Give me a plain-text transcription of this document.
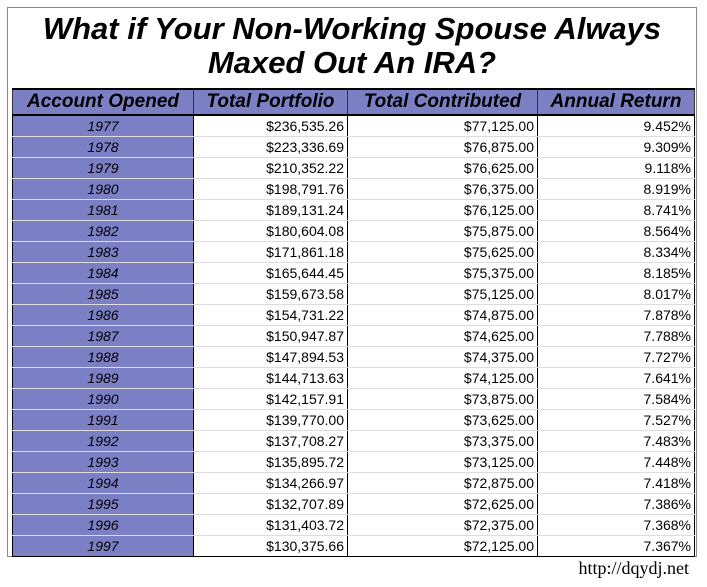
What if Your Non-Working Spouse Always
Maxed Out An IRA?
Account Opened	Total Portfolio	Total Contributed	Annual Return
1977	$236,535.26	$77,125.00	9.452%
1978	$223,336.69	$76,875.00	9.309%
1979	$210,352.22	$76,625.00	9.118%
1980	$198,791.76	$76,375.00	8.919%
1981	$189,131.24	$76,125.00	8.741%
1982	$180,604.08	$75,875.00	8.564%
1983	$171,861.18	$75,625.00	8.334%
1984	$165,644.45	$75,375.00	8.185%
1985	$159,673.58	$75,125.00	8.017%
1986	$154,731.22	$74,875.00	7.878%
1987	$150,947.87	$74,625.00	7.788%
1988	$147,894.53	$74,375.00	7.727%
1989	$144,713.63	$74,125.00	7.641%
1990	$142,157.91	$73,875.00	7.584%
1991	$139,770.00	$73,625.00	7.527%
1992	$137,708.27	$73,375.00	7.483%
1993	$135,895.72	$73,125.00	7.448%
1994	$134,266.97	$72,875.00	7.418%
1995	$132,707.89	$72,625.00	7.386%
1996	$131,403.72	$72,375.00	7.368%
1997	$130,375.66	$72,125.00	7.367%
http://dqydj.net
